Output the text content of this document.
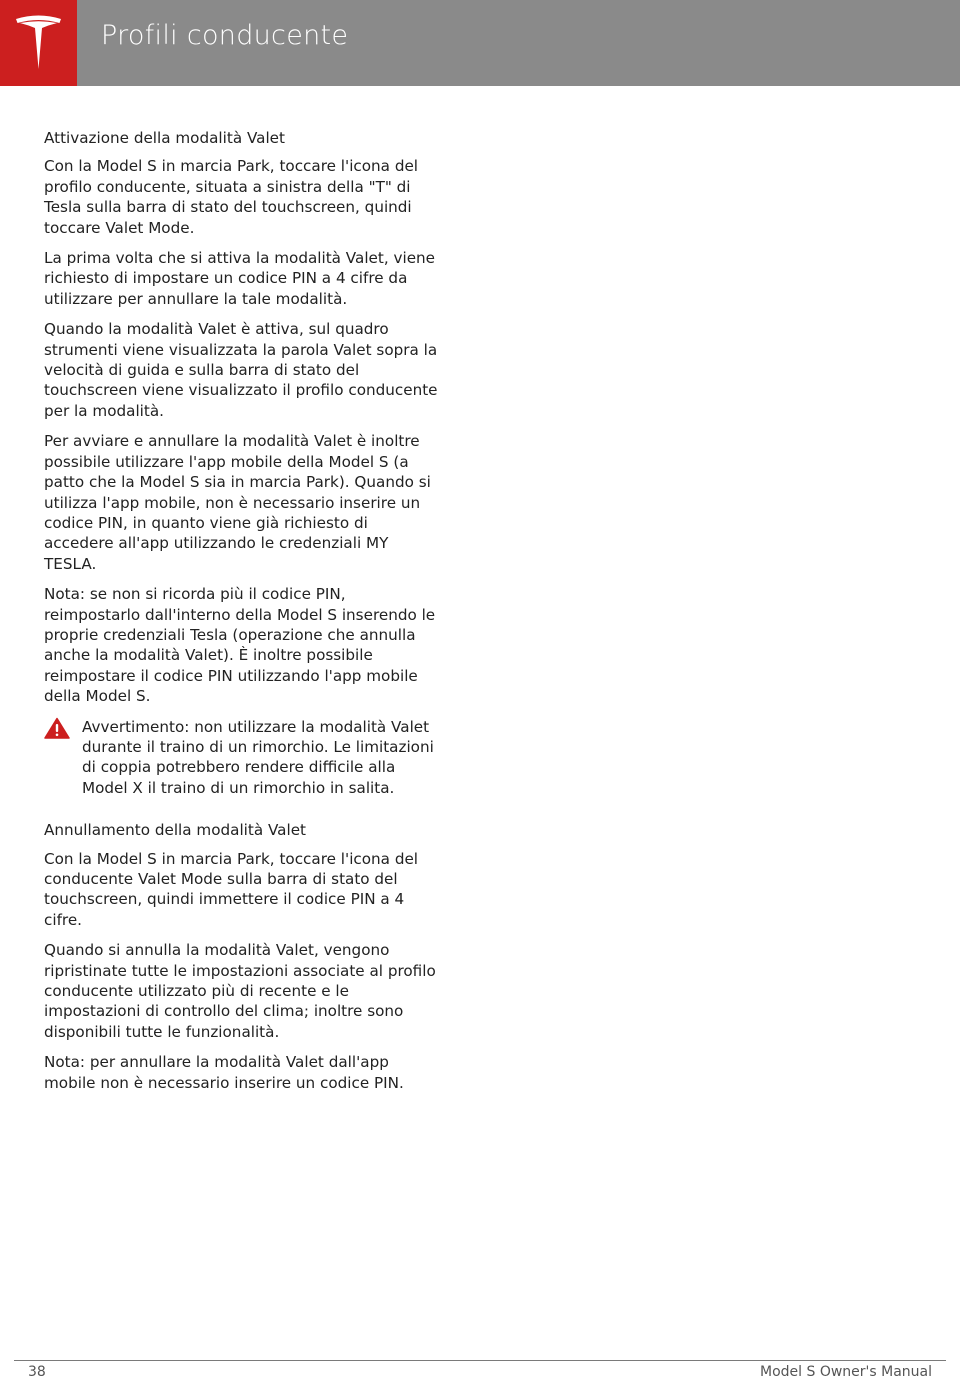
Profili conducente

Attivazione della modalità Valet

Con la Model S in marcia Park, toccare l'icona del profilo conducente, situata a sinistra della "T" di Tesla sulla barra di stato del touchscreen, quindi toccare Valet Mode.

La prima volta che si attiva la modalità Valet, viene richiesto di impostare un codice PIN a 4 cifre da utilizzare per annullare la tale modalità.

Quando la modalità Valet è attiva, sul quadro strumenti viene visualizzata la parola Valet sopra la velocità di guida e sulla barra di stato del touchscreen viene visualizzato il profilo conducente per la modalità.

Per avviare e annullare la modalità Valet è inoltre possibile utilizzare l'app mobile della Model S (a patto che la Model S sia in marcia Park). Quando si utilizza l'app mobile, non è necessario inserire un codice PIN, in quanto viene già richiesto di accedere all'app utilizzando le credenziali MY TESLA.

Nota: se non si ricorda più il codice PIN, reimpostarlo dall'interno della Model S inserendo le proprie credenziali Tesla (operazione che annulla anche la modalità Valet). È inoltre possibile reimpostare il codice PIN utilizzando l'app mobile della Model S.

Avvertimento: non utilizzare la modalità Valet durante il traino di un rimorchio. Le limitazioni di coppia potrebbero rendere difficile alla Model X il traino di un rimorchio in salita.

Annullamento della modalità Valet

Con la Model S in marcia Park, toccare l'icona del conducente Valet Mode sulla barra di stato del touchscreen, quindi immettere il codice PIN a 4 cifre.

Quando si annulla la modalità Valet, vengono ripristinate tutte le impostazioni associate al profilo conducente utilizzato più di recente e le impostazioni di controllo del clima; inoltre sono disponibili tutte le funzionalità.

Nota: per annullare la modalità Valet dall'app mobile non è necessario inserire un codice PIN.

38	Model S Owner's Manual
